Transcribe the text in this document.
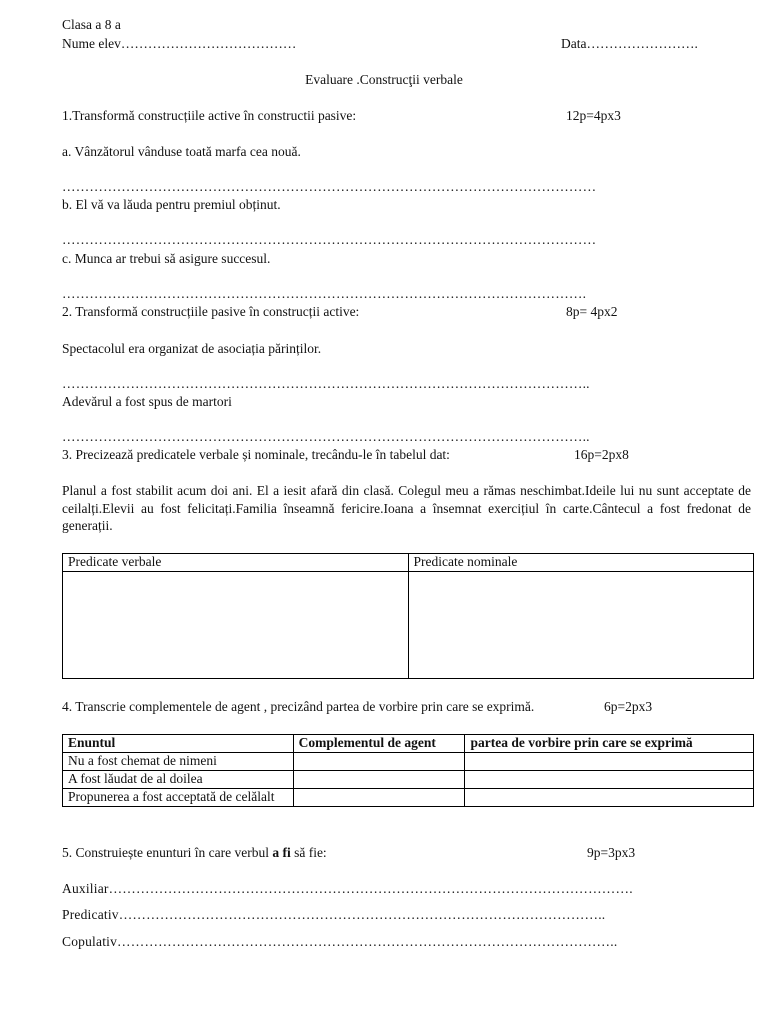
Clasa a 8 a
Nume elev…………………………………	Data…………………….
Evaluare .Construcţii verbale
1.Transformă construcțiile active în constructii pasive:	12p=4px3
a. Vânzătorul vânduse toată marfa cea nouă.
………………………………………………………………………………………………………
b. El vă va lăuda pentru premiul obținut.
………………………………………………………………………………………………………
c. Munca ar trebui să asigure succesul.
…………………………………………………………………………………………………….
2. Transformă construcțiile pasive în construcții active:	8p= 4px2
Spectacolul era organizat de asociația părinților.
……………………………………………………………………………………………………..
Adevărul a fost spus de martori
……………………………………………………………………………………………………..
3. Precizează predicatele verbale și nominale, trecându-le în tabelul dat:	16p=2px8
Planul a fost stabilit acum doi ani. El a iesit afară din clasă. Colegul meu a rămas neschimbat.Ideile lui nu sunt acceptate de ceilalți.Elevii au fost felicitați.Familia înseamnă fericire.Ioana a însemnat exercițiul în carte.Cântecul a fost fredonat de generații.
Predicate verbale	Predicate nominale

4. Transcrie complementele de agent , precizând partea de vorbire prin care se exprimă.	6p=2px3
Enuntul	Complementul de agent	partea de vorbire prin care se exprimă
Nu a fost chemat de nimeni		
A fost lăudat de al doilea		
Propunerea a fost acceptată de celălalt		
5. Construiește enunturi în care verbul a fi să fie:	9p=3px3
Auxiliar…………………………………………………………………………………………………….
Predicativ……………………………………………………………………………………………..
Copulativ………………………………………………………………………………………………..
